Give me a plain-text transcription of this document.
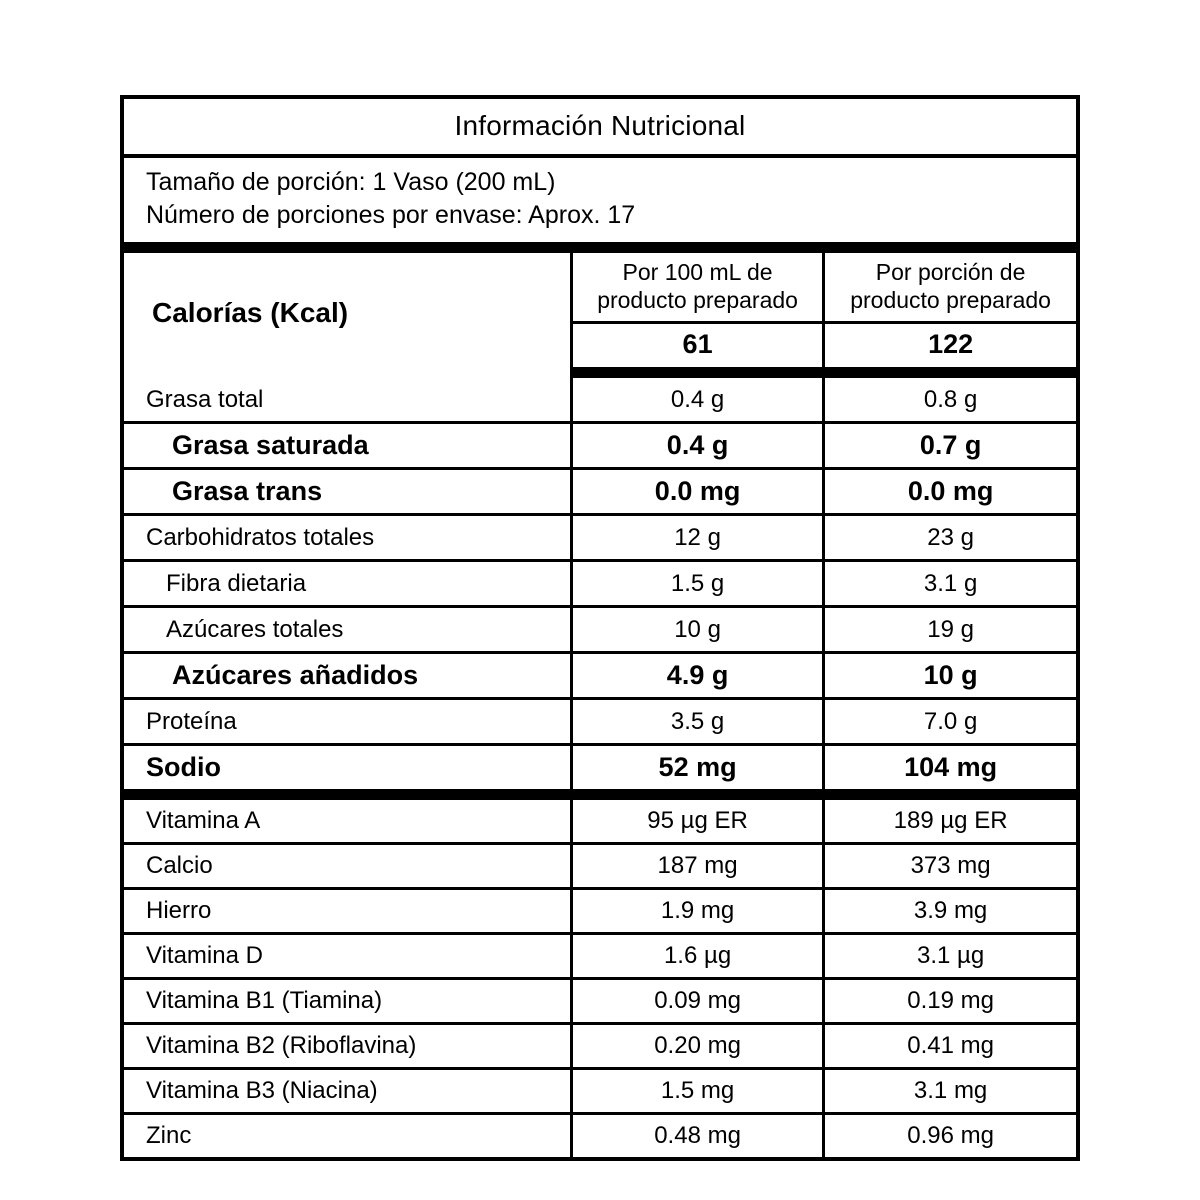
Información Nutricional
Tamaño de porción: 1 Vaso (200 mL)
Número de porciones por envase: Aprox. 17
Calorías (Kcal)	Por 100 mL de producto preparado	Por porción de producto preparado
	61	122
Grasa total	0.4 g	0.8 g
Grasa saturada	0.4 g	0.7 g
Grasa trans	0.0 mg	0.0 mg
Carbohidratos totales	12 g	23 g
Fibra dietaria	1.5 g	3.1 g
Azúcares totales	10 g	19 g
Azúcares añadidos	4.9 g	10 g
Proteína	3.5 g	7.0 g
Sodio	52 mg	104 mg
Vitamina A	95 µg ER	189 µg ER
Calcio	187 mg	373 mg
Hierro	1.9 mg	3.9 mg
Vitamina D	1.6 µg	3.1 µg
Vitamina B1 (Tiamina)	0.09 mg	0.19 mg
Vitamina B2 (Riboflavina)	0.20 mg	0.41 mg
Vitamina B3 (Niacina)	1.5 mg	3.1 mg
Zinc	0.48 mg	0.96 mg
